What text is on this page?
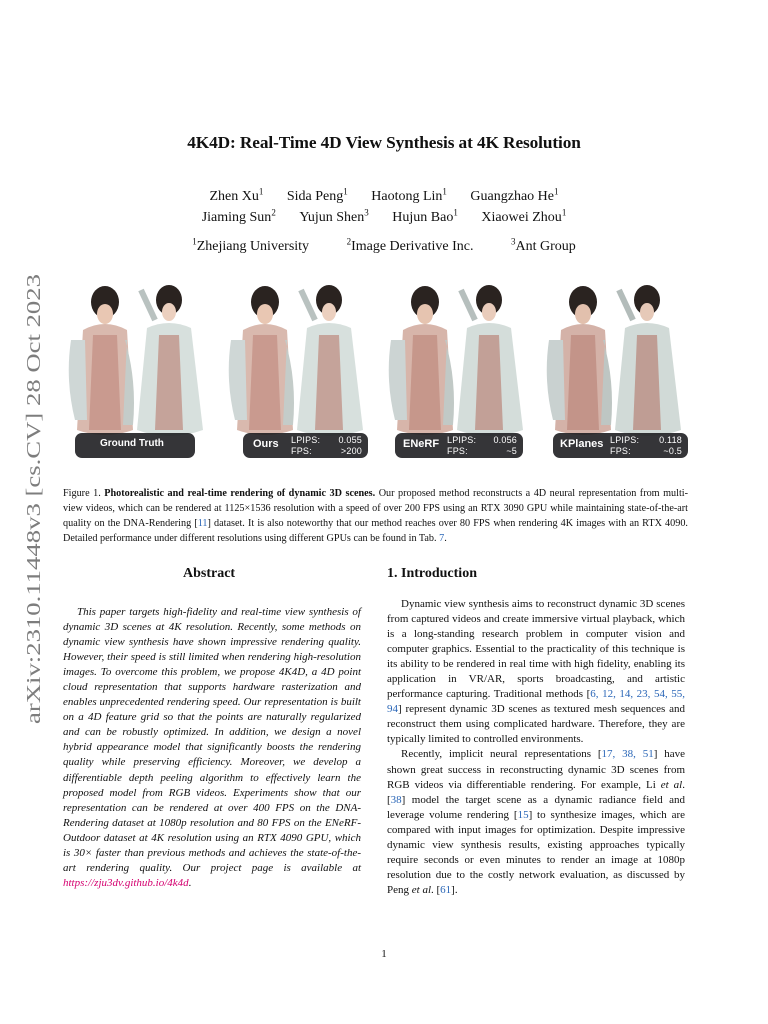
arXiv:2310.11448v3 [cs.CV] 28 Oct 2023
4K4D: Real-Time 4D View Synthesis at 4K Resolution
Zhen Xu$^1$ Sida Peng$^1$ Haotong Lin$^1$ Guangzhao He$^1$
Jiaming Sun$^2$ Yujun Shen$^3$ Hujun Bao$^1$ Xiaowei Zhou$^1$
$^1$Zhejiang University	$^2$Image Derivative Inc.	$^3$Ant Group
Ground Truth	Ours LPIPS: 0.055
FPS:	>200
ENeRF LPIPS: 0.056
FPS:	~5
KPlanes LPIPS: 0.118
FPS:	~0.5
Figure 1. Photorealistic and real-time rendering of dynamic 3D scenes. Our proposed method reconstructs a 4D neural representation from multi-view videos, which can be rendered at 1125×1536 resolution with a speed of over 200 FPS using an RTX 3090 GPU while maintaining state-of-the-art quality on the DNA-Rendering [11] dataset. It is also noteworthy that our method reaches over 80 FPS when rendering 4K images with an RTX 4090. Detailed performance under different resolutions using different GPUs can be found in Tab. 7.
Abstract	1. Introduction

This paper targets high-fidelity and real-time view synthesis of dynamic 3D scenes at 4K resolution. Recently, some methods on dynamic view synthesis have shown impressive rendering quality. However, their speed is still limited when rendering high-resolution images. To overcome this problem, we propose 4K4D, a 4D point cloud representation that supports hardware rasterization and enables unprecedented rendering speed. Our representation is built on a 4D feature grid so that the points are naturally regularized and can be robustly optimized. In addition, we design a novel hybrid appearance model that significantly boosts the rendering quality while preserving efficiency. Moreover, we develop a differentiable depth peeling algorithm to effectively learn the proposed model from RGB videos. Experiments show that our representation can be rendered at over 400 FPS on the DNA-Rendering dataset at 1080p resolution and 80 FPS on the ENeRF-Outdoor dataset at 4K resolution using an RTX 4090 GPU, which is 30× faster than previous methods and achieves the state-of-the-art rendering quality. Our project page is available at https://zju3dv.github.io/4k4d.

Dynamic view synthesis aims to reconstruct dynamic 3D scenes from captured videos and create immersive virtual playback, which is a long-standing research problem in computer vision and computer graphics. Essential to the practicality of this technique is its ability to be rendered in real time with high fidelity, enabling its application in VR/AR, sports broadcasting, and artistic performance capturing. Traditional methods [6, 12, 14, 23, 54, 55, 94] represent dynamic 3D scenes as textured mesh sequences and reconstruct them using complicated hardware. Therefore, they are typically limited to controlled environments.

Recently, implicit neural representations [17, 38, 51] have shown great success in reconstructing dynamic 3D scenes from RGB videos via differentiable rendering. For example, Li et al. [38] model the target scene as a dynamic radiance field and leverage volume rendering [15] to synthesize images, which are compared with input images for optimization. Despite impressive dynamic view synthesis results, existing approaches typically require seconds or even minutes to render an image at 1080p resolution due to the costly network evaluation, as discussed by Peng et al. [61].

1
